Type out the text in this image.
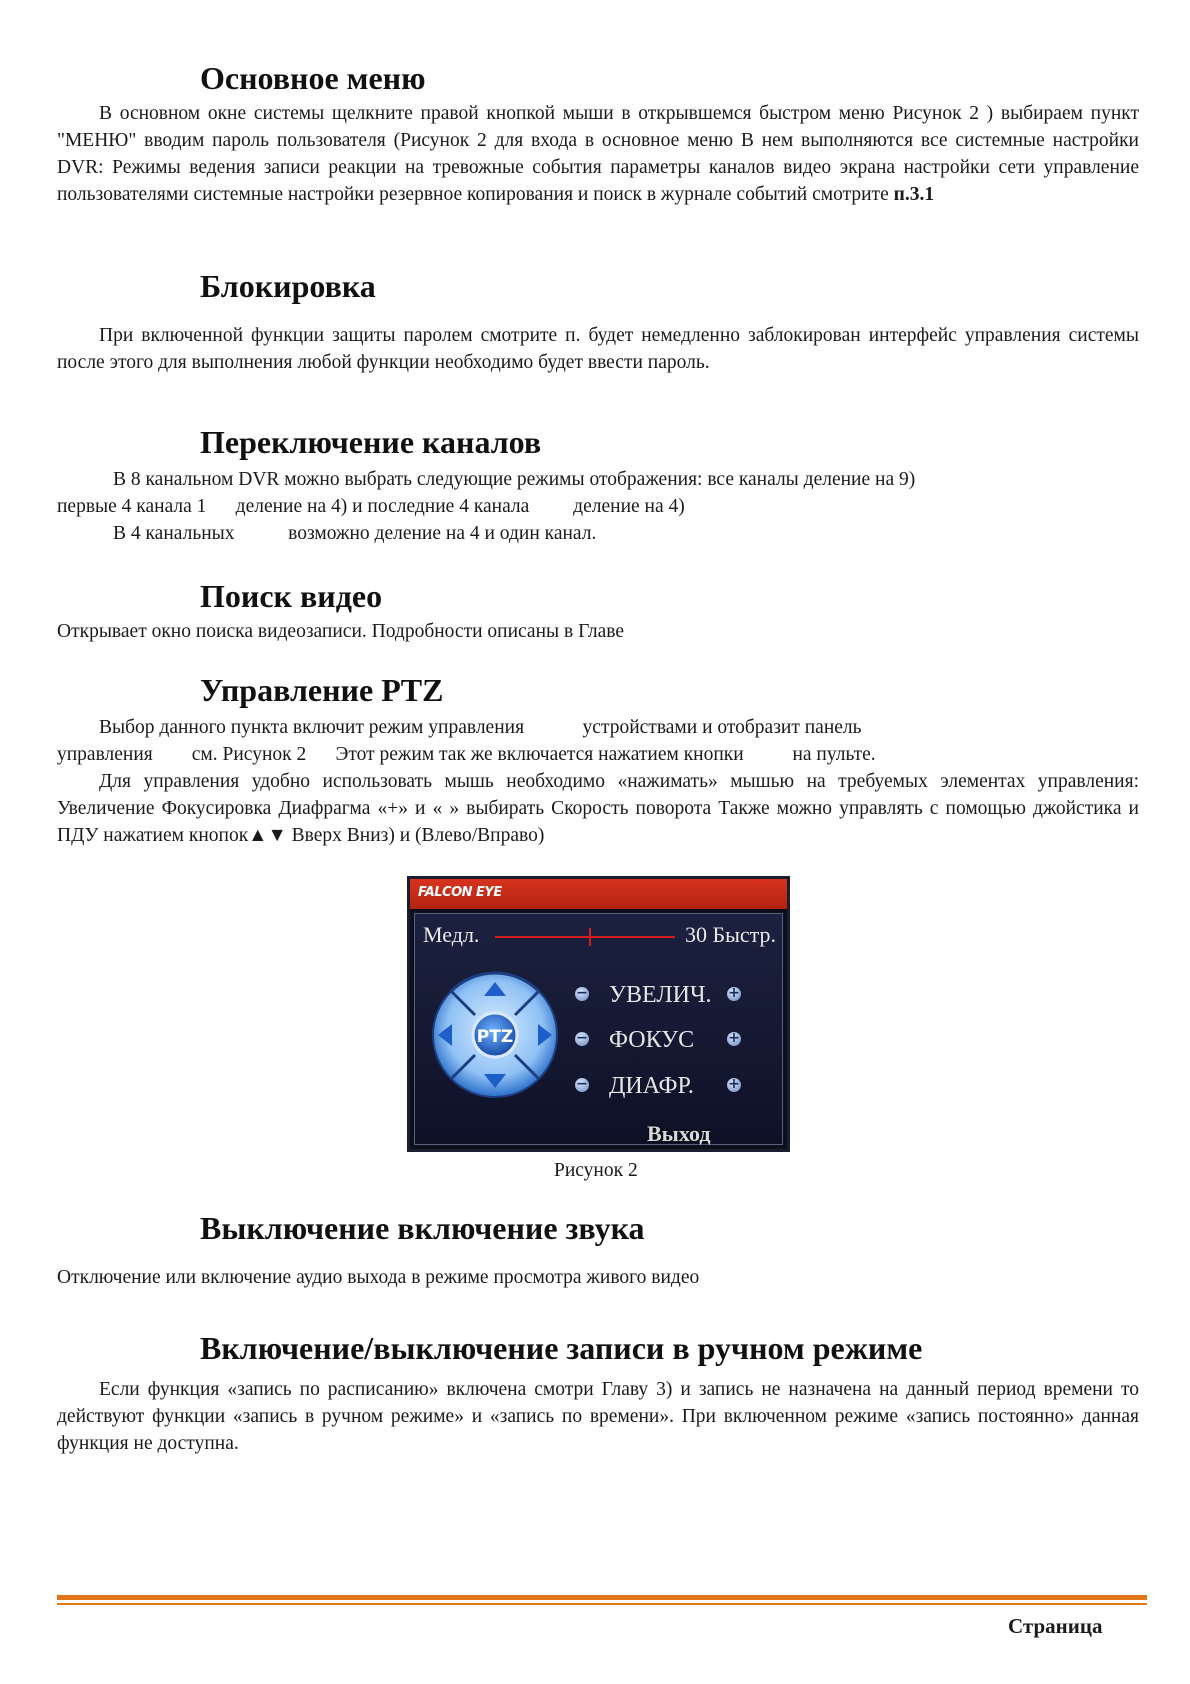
Основное меню

В основном окне системы щелкните правой кнопкой мыши в открывшемся быстром меню Рисунок 2 ) выбираем пункт "МЕНЮ" вводим пароль пользователя (Рисунок 2 для входа в основное меню В нем выполняются все системные настройки DVR: Режимы ведения записи реакции на тревожные события параметры каналов видео экрана настройки сети управление пользователями системные настройки резервное копирования и поиск в журнале событий смотрите п.3.1

Блокировка

При включенной функции защиты паролем смотрите п. будет немедленно заблокирован интерфейс управления системы после этого для выполнения любой функции необходимо будет ввести пароль.

Переключение каналов

В 8 канальном DVR можно выбрать следующие режимы отображения: все каналы деление на 9)
первые 4 канала 1      деление на 4) и последние 4 канала         деление на 4)
В 4 канальных           возможно деление на 4 и один канал.

Поиск видео

Открывает окно поиска видеозаписи. Подробности описаны в Главе

Управление PTZ

Выбор данного пункта включит режим управления            устройствами и отобразит панель
управления        см. Рисунок 2      Этот режим так же включается нажатием кнопки          на пульте.

Для управления удобно использовать мышь необходимо «нажимать» мышью на требуемых элементах управления: Увеличение Фокусировка Диафрагма «+» и « » выбирать Скорость поворота Также можно управлять с помощью джойстика и ПДУ нажатием кнопок▲▼ Вверх Вниз) и (Влево/Вправо)

FALCON EYE
Медл.	30 Быстр.
PTZ
− УВЕЛИЧ. +
− ФОКУС +
− ДИАФР. +
Выход
Рисунок 2
Выключение включение звука

Отключение или включение аудио выхода в режиме просмотра живого видео

Включение/выключение записи в ручном режиме

Если функция «запись по расписанию» включена смотри Главу 3) и запись не назначена на данный период времени то действуют функции «запись в ручном режиме» и «запись по времени». При включенном режиме «запись постоянно» данная функция не доступна.

Страница
